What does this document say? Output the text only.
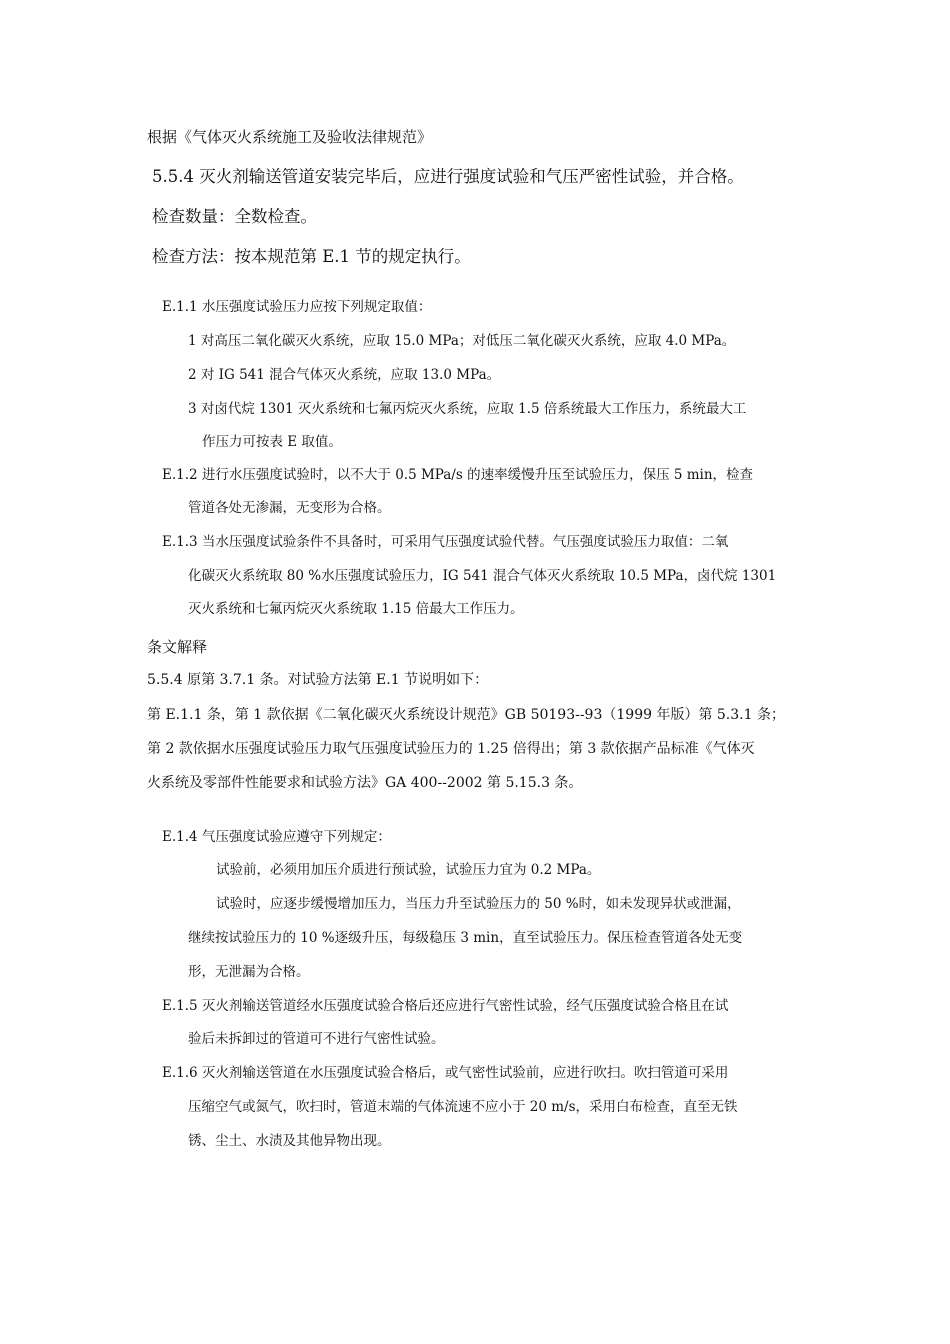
根据《气体灭火系统施工及验收法律规范》
5.5.4 灭火剂输送管道安装完毕后，应进行强度试验和气压严密性试验，并合格。
检查数量：全数检查。
检查方法：按本规范第 E.1 节的规定执行。
E.1.1 水压强度试验压力应按下列规定取值：
1 对高压二氧化碳灭火系统，应取 15.0 MPa；对低压二氧化碳灭火系统，应取 4.0 MPa。
2 对 IG 541 混合气体灭火系统，应取 13.0 MPa。
3 对卤代烷 1301 灭火系统和七氟丙烷灭火系统，应取 1.5 倍系统最大工作压力，系统最大工
作压力可按表 E 取值。
E.1.2 进行水压强度试验时，以不大于 0.5 MPa/s 的速率缓慢升压至试验压力，保压 5 min，检查
管道各处无渗漏，无变形为合格。
E.1.3 当水压强度试验条件不具备时，可采用气压强度试验代替。气压强度试验压力取值：二氧
化碳灭火系统取 80 %水压强度试验压力，IG 541 混合气体灭火系统取 10.5 MPa，卤代烷 1301
灭火系统和七氟丙烷灭火系统取 1.15 倍最大工作压力。
条文解释
5.5.4 原第 3.7.1 条。对试验方法第 E.1 节说明如下：
第 E.1.1 条，第 1 款依据《二氧化碳灭火系统设计规范》GB 50193--93（1999 年版）第 5.3.1 条；
第 2 款依据水压强度试验压力取气压强度试验压力的 1.25 倍得出；第 3 款依据产品标准《气体灭
火系统及零部件性能要求和试验方法》GA 400--2002 第 5.15.3 条。
E.1.4 气压强度试验应遵守下列规定：
试验前，必须用加压介质进行预试验，试验压力宜为 0.2 MPa。
试验时，应逐步缓慢增加压力，当压力升至试验压力的 50 %时，如未发现异状或泄漏，
继续按试验压力的 10 %逐级升压，每级稳压 3 min，直至试验压力。保压检查管道各处无变
形，无泄漏为合格。
E.1.5 灭火剂输送管道经水压强度试验合格后还应进行气密性试验，经气压强度试验合格且在试
验后未拆卸过的管道可不进行气密性试验。
E.1.6 灭火剂输送管道在水压强度试验合格后，或气密性试验前，应进行吹扫。吹扫管道可采用
压缩空气或氮气，吹扫时，管道末端的气体流速不应小于 20 m/s，采用白布检查，直至无铁
锈、尘土、水渍及其他异物出现。
